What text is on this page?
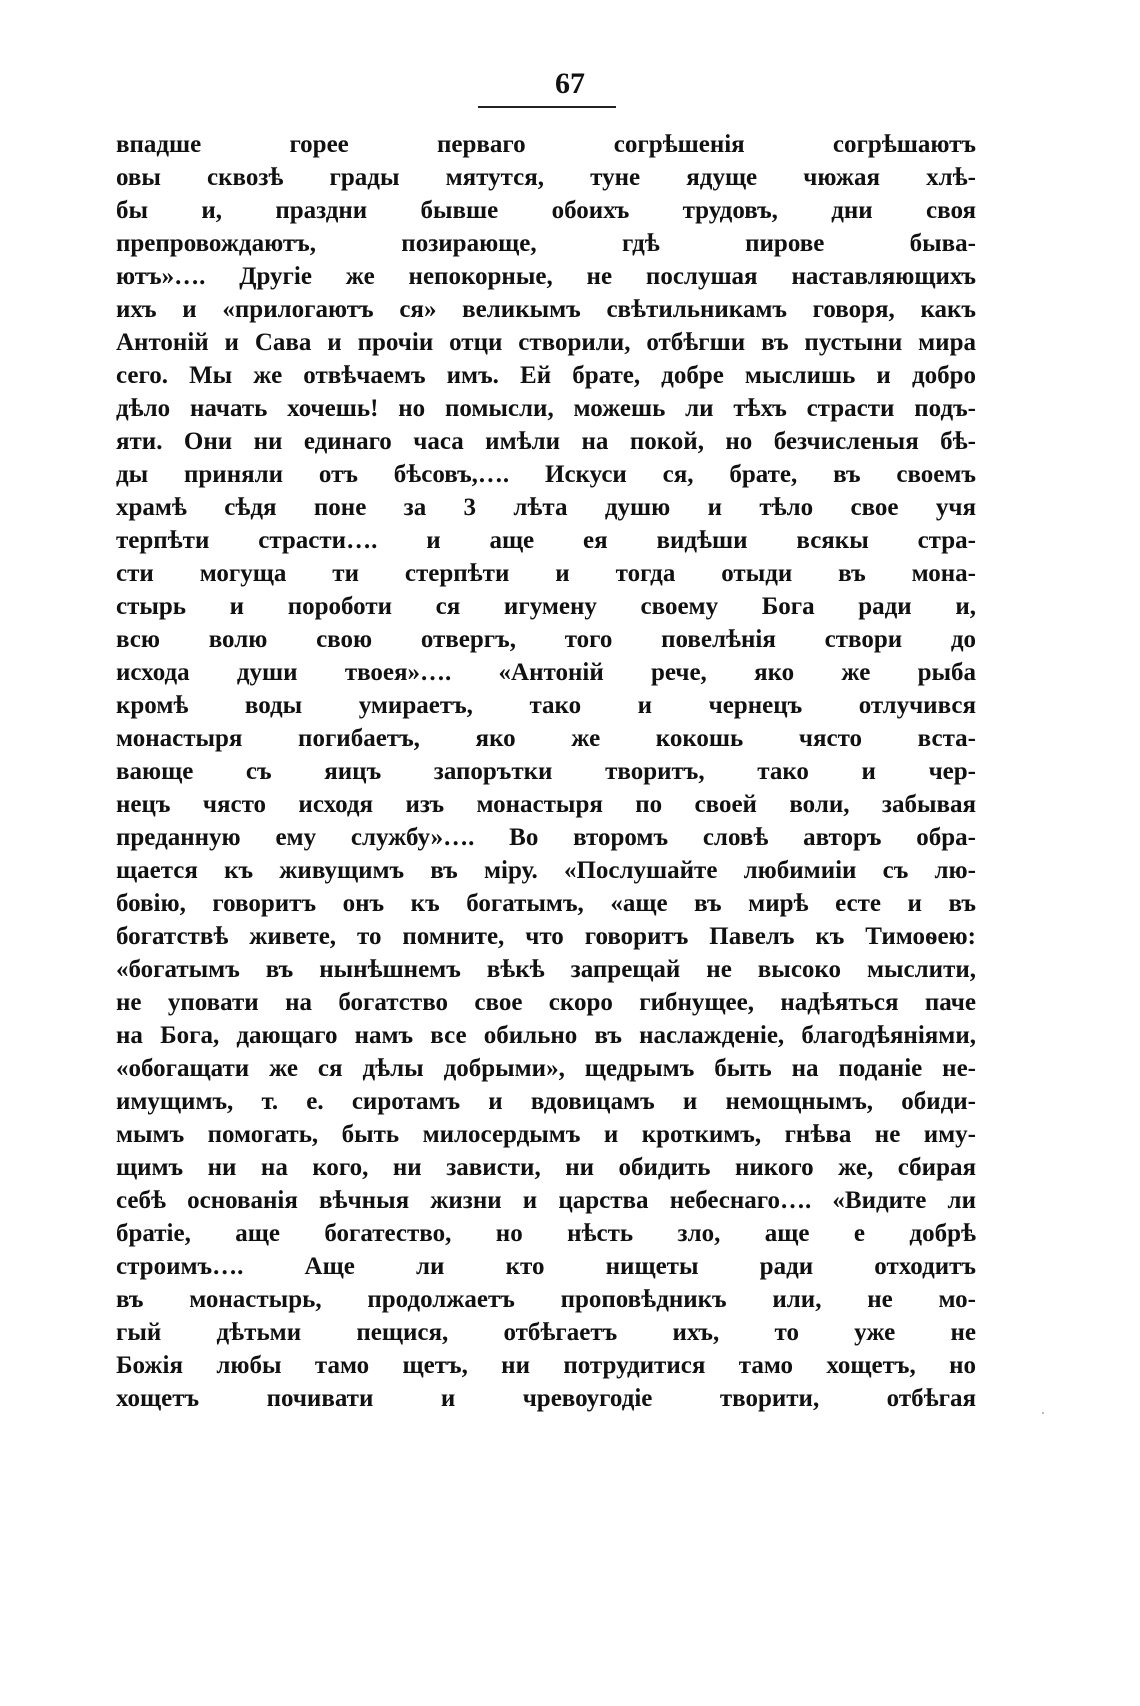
67
впадше горее перваго согрѣшенія согрѣшаютъ
овы сквозѣ грады мятутся, туне ядуще чюжая хлѣ-
бы и, праздни бывше обоихъ трудовъ, дни своя
препровождаютъ, позирающе, гдѣ пирове бывa-
ютъ»…. Другіе же непокорные, не послушая наставляющихъ
ихъ и «прилогаютъ ся» великымъ свѣтильникамъ говоря, какъ
Антоній и Сава и прочіи отци створили, отбѣгши въ пустыни мира
сего. Мы же отвѣчаемъ имъ. Ей брате, добре мыслишь и добро
дѣло начать хочешь! но помысли, можешь ли тѣхъ страсти подъ-
яти. Они ни единаго часа имѣли на покой, но безчисленыя бѣ-
ды приняли отъ бѣсовъ,…. Искуси ся, брате, въ своемъ
храмѣ сѣдя поне за 3 лѣта душю и тѣло свое учя
терпѣти страсти…. и аще ея видѣши всякы стра-
сти могуща ти стерпѣти и тогда отыди въ мона-
стырь и пороботи ся игумену своему Бога ради и,
всю волю свою отвергъ, того повелѣнія створи до
исхода души твоея»…. «Антоній рече, яко же рыба
кромѣ воды умираетъ, тако и чернецъ отлучився
монастыря погибаетъ, яко же кокошь чясто вста-
вающе съ яицъ запорътки творитъ, тако и чер-
нецъ чясто исходя изъ монастыря по своей воли, забывая
преданную ему службу»…. Во второмъ словѣ авторъ обра-
щается къ живущимъ въ міру. «Послушайте любимиіи съ лю-
бовію, говоритъ онъ къ богатымъ, «аще въ мирѣ есте и въ
богатствѣ живете, то помните, что говоритъ Павелъ къ Тимоѳею:
«богатымъ въ нынѣшнемъ вѣкѣ запрещай не высоко мыслити,
не уповати на богатство свое скоро гибнущее, надѣяться паче
на Бога, дающаго намъ все обильно въ наслажденіе, благодѣяніями,
«обогащати же ся дѣлы добрыми», щедрымъ быть на поданіе не-
имущимъ, т. е. сиротамъ и вдовицамъ и немощнымъ, обиди-
мымъ помогать, быть милосердымъ и кроткимъ, гнѣва не иму-
щимъ ни на кого, ни зависти, ни обидить никого же, сбирая
себѣ основанія вѣчныя жизни и царства небеснаго…. «Видите ли
братіе, аще богатество, но нѣсть зло, аще е добрѣ
строимъ…. Аще ли кто нищеты ради отходитъ
въ монастырь, продолжаетъ проповѣдникъ или, не мо-
гый дѣтьми пещися, отбѣгаетъ ихъ, то уже не
Божія любы тамо щетъ, ни потрудитися тамо хощетъ, но
хощетъ почивати и чревоугодіе творити, отбѣгая
